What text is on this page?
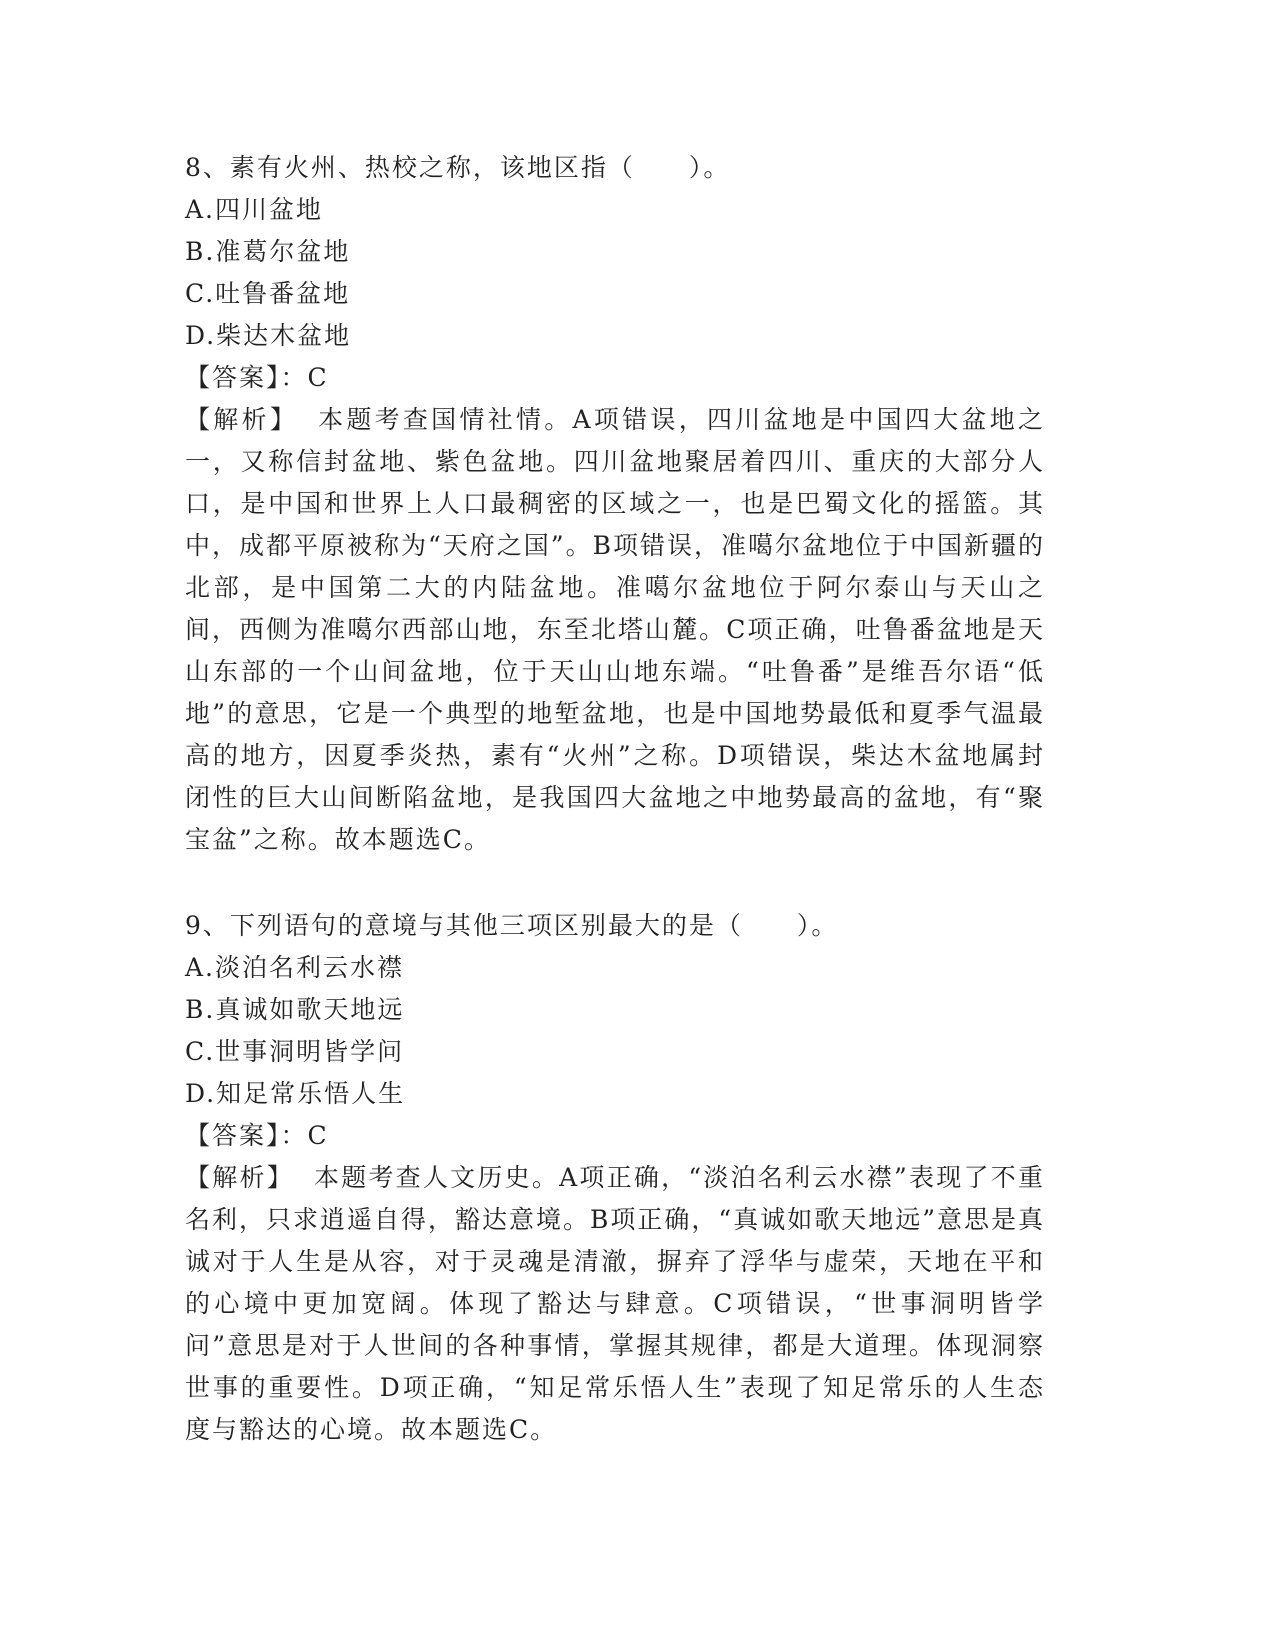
8、素有火州、热校之称，该地区指（　　）。
A.四川盆地
B.准葛尔盆地
C.吐鲁番盆地
D.柴达木盆地
【答案】：C
【解析】 本题考查国情社情。A项错误，四川盆地是中国四大盆地之一，又称信封盆地、紫色盆地。四川盆地聚居着四川、重庆的大部分人口，是中国和世界上人口最稠密的区域之一，也是巴蜀文化的摇篮。其中，成都平原被称为“天府之国”。B项错误，准噶尔盆地位于中国新疆的北部，是中国第二大的内陆盆地。准噶尔盆地位于阿尔泰山与天山之间，西侧为准噶尔西部山地，东至北塔山麓。C项正确，吐鲁番盆地是天山东部的一个山间盆地，位于天山山地东端。“吐鲁番”是维吾尔语“低地”的意思，它是一个典型的地堑盆地，也是中国地势最低和夏季气温最高的地方，因夏季炎热，素有“火州”之称。D项错误，柴达木盆地属封闭性的巨大山间断陷盆地，是我国四大盆地之中地势最高的盆地，有“聚宝盆”之称。故本题选C。
9、下列语句的意境与其他三项区别最大的是（　　）。
A.淡泊名利云水襟
B.真诚如歌天地远
C.世事洞明皆学问
D.知足常乐悟人生
【答案】：C
【解析】 本题考查人文历史。A项正确，“淡泊名利云水襟”表现了不重名利，只求逍遥自得，豁达意境。B项正确，“真诚如歌天地远”意思是真诚对于人生是从容，对于灵魂是清澈，摒弃了浮华与虚荣，天地在平和的心境中更加宽阔。体现了豁达与肆意。C项错误，“世事洞明皆学问”意思是对于人世间的各种事情，掌握其规律，都是大道理。体现洞察世事的重要性。D项正确，“知足常乐悟人生”表现了知足常乐的人生态度与豁达的心境。故本题选C。
